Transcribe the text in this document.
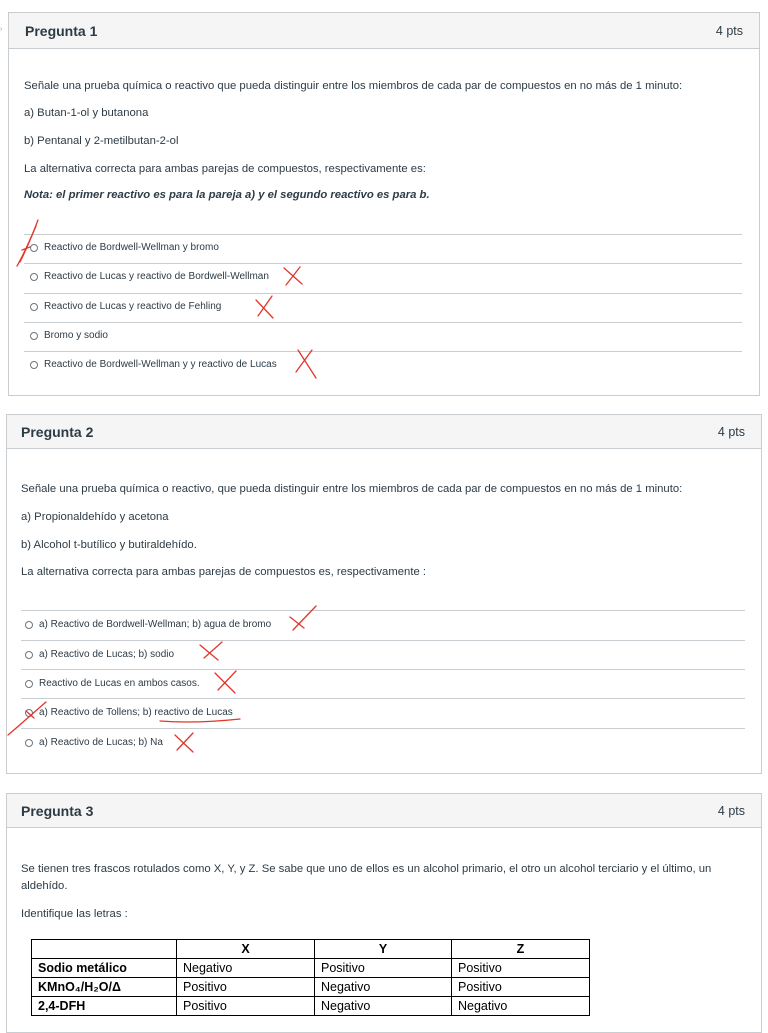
› Pregunta 1	4 pts
Señale una prueba química o reactivo que pueda distinguir entre los miembros de cada par de compuestos en no más de 1 minuto:
a) Butan-1-ol y butanona
b) Pentanal y 2-metilbutan-2-ol
La alternativa correcta para ambas parejas de compuestos, respectivamente es:
Nota: el primer reactivo es para la pareja a) y el segundo reactivo es para b.
Reactivo de Bordwell-Wellman y bromo
Reactivo de Lucas y reactivo de Bordwell-Wellman
Reactivo de Lucas y reactivo de Fehling
Bromo y sodio
Reactivo de Bordwell-Wellman y y reactivo de Lucas
Pregunta 2	4 pts
Señale una prueba química o reactivo, que pueda distinguir entre los miembros de cada par de compuestos en no más de 1 minuto:
a) Propionaldehído y acetona
b) Alcohol t-butílico y butiraldehído.
La alternativa correcta para ambas parejas de compuestos es, respectivamente :
a) Reactivo de Bordwell-Wellman; b) agua de bromo
a) Reactivo de Lucas; b) sodio
Reactivo de Lucas en ambos casos.
a) Reactivo de Tollens; b) reactivo de Lucas
a) Reactivo de Lucas; b) Na
Pregunta 3	4 pts
Se tienen tres frascos rotulados como X, Y, y Z. Se sabe que uno de ellos es un alcohol primario, el otro un alcohol terciario y el último, un aldehído.
Identifique las letras :
	X	Y	Z
Sodio metálico	Negativo	Positivo	Positivo
KMnO₄/H₂O/Δ	Positivo	Negativo	Positivo
2,4-DFH	Positivo	Negativo	Negativo
